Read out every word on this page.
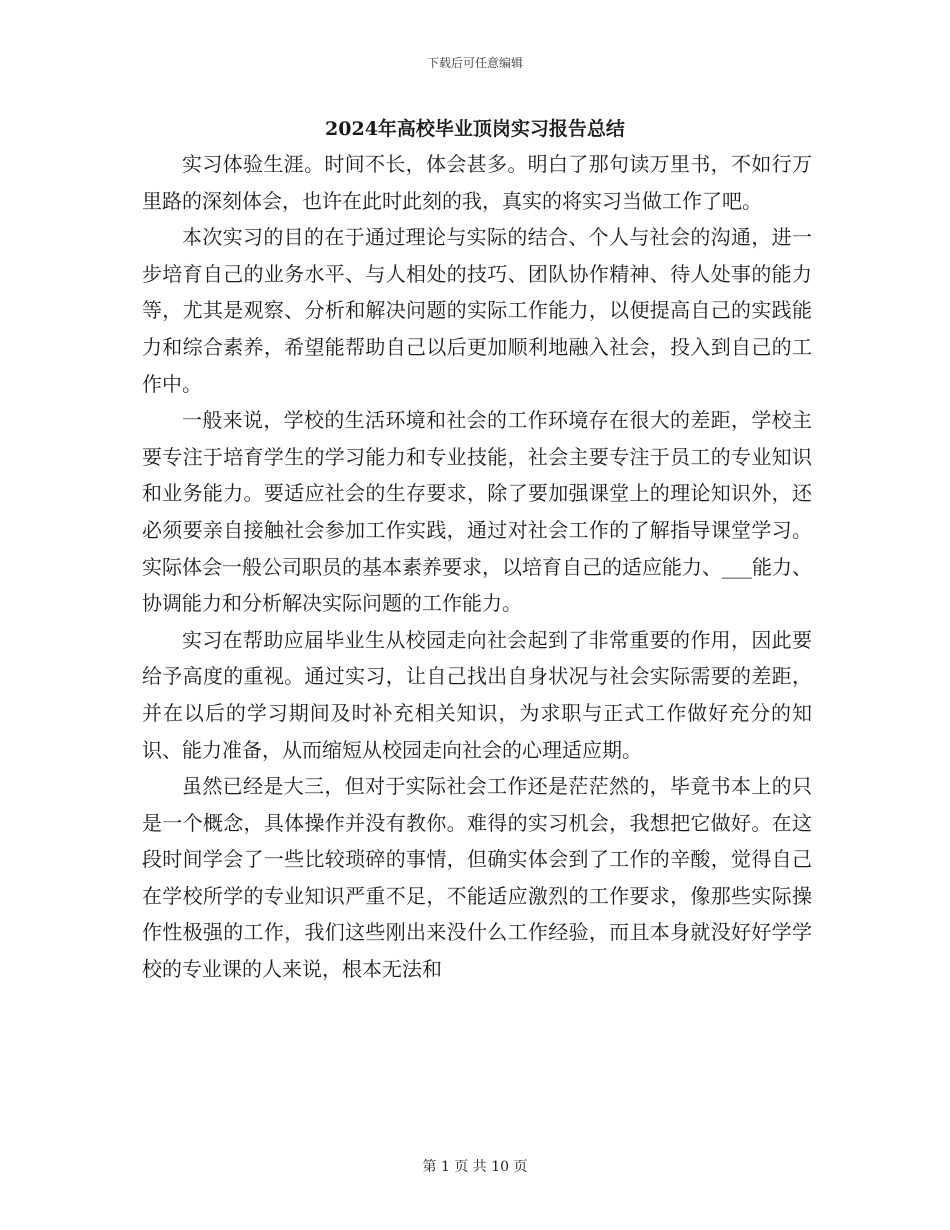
下载后可任意编辑
2024年高校毕业顶岗实习报告总结

实习体验生涯。时间不长，体会甚多。明白了那句读万里书，不如行万里路的深刻体会，也许在此时此刻的我，真实的将实习当做工作了吧。

本次实习的目的在于通过理论与实际的结合、个人与社会的沟通，进一步培育自己的业务水平、与人相处的技巧、团队协作精神、待人处事的能力等，尤其是观察、分析和解决问题的实际工作能力，以便提高自己的实践能力和综合素养，希望能帮助自己以后更加顺利地融入社会，投入到自己的工作中。

一般来说，学校的生活环境和社会的工作环境存在很大的差距，学校主要专注于培育学生的学习能力和专业技能，社会主要专注于员工的专业知识和业务能力。要适应社会的生存要求，除了要加强课堂上的理论知识外，还必须要亲自接触社会参加工作实践，通过对社会工作的了解指导课堂学习。实际体会一般公司职员的基本素养要求，以培育自己的适应能力、___能力、协调能力和分析解决实际问题的工作能力。

实习在帮助应届毕业生从校园走向社会起到了非常重要的作用，因此要给予高度的重视。通过实习，让自己找出自身状况与社会实际需要的差距，并在以后的学习期间及时补充相关知识，为求职与正式工作做好充分的知识、能力准备，从而缩短从校园走向社会的心理适应期。

虽然已经是大三，但对于实际社会工作还是茫茫然的，毕竟书本上的只是一个概念，具体操作并没有教你。难得的实习机会，我想把它做好。在这段时间学会了一些比较琐碎的事情，但确实体会到了工作的辛酸，觉得自己在学校所学的专业知识严重不足，不能适应激烈的工作要求，像那些实际操作性极强的工作，我们这些刚出来没什么工作经验，而且本身就没好好学学校的专业课的人来说，根本无法和

第 1 页 共 10 页
